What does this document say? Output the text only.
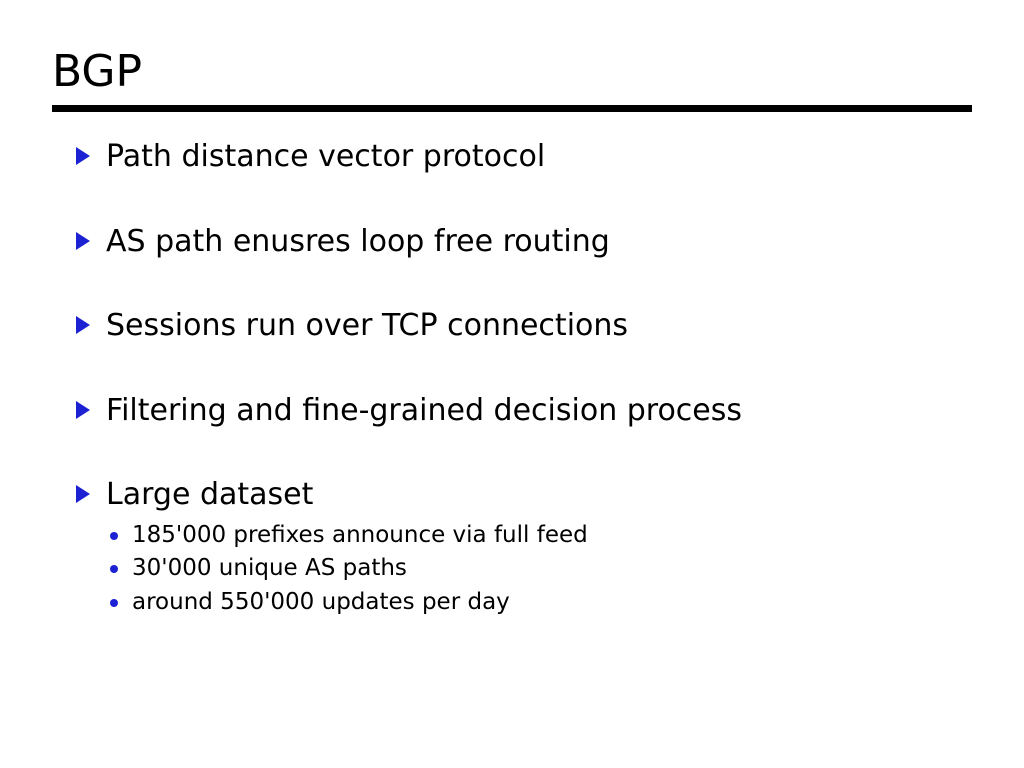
BGP
Path distance vector protocol
AS path enusres loop free routing
Sessions run over TCP connections
Filtering and fine-grained decision process
Large dataset
185'000 prefixes announce via full feed
30'000 unique AS paths
around 550'000 updates per day
